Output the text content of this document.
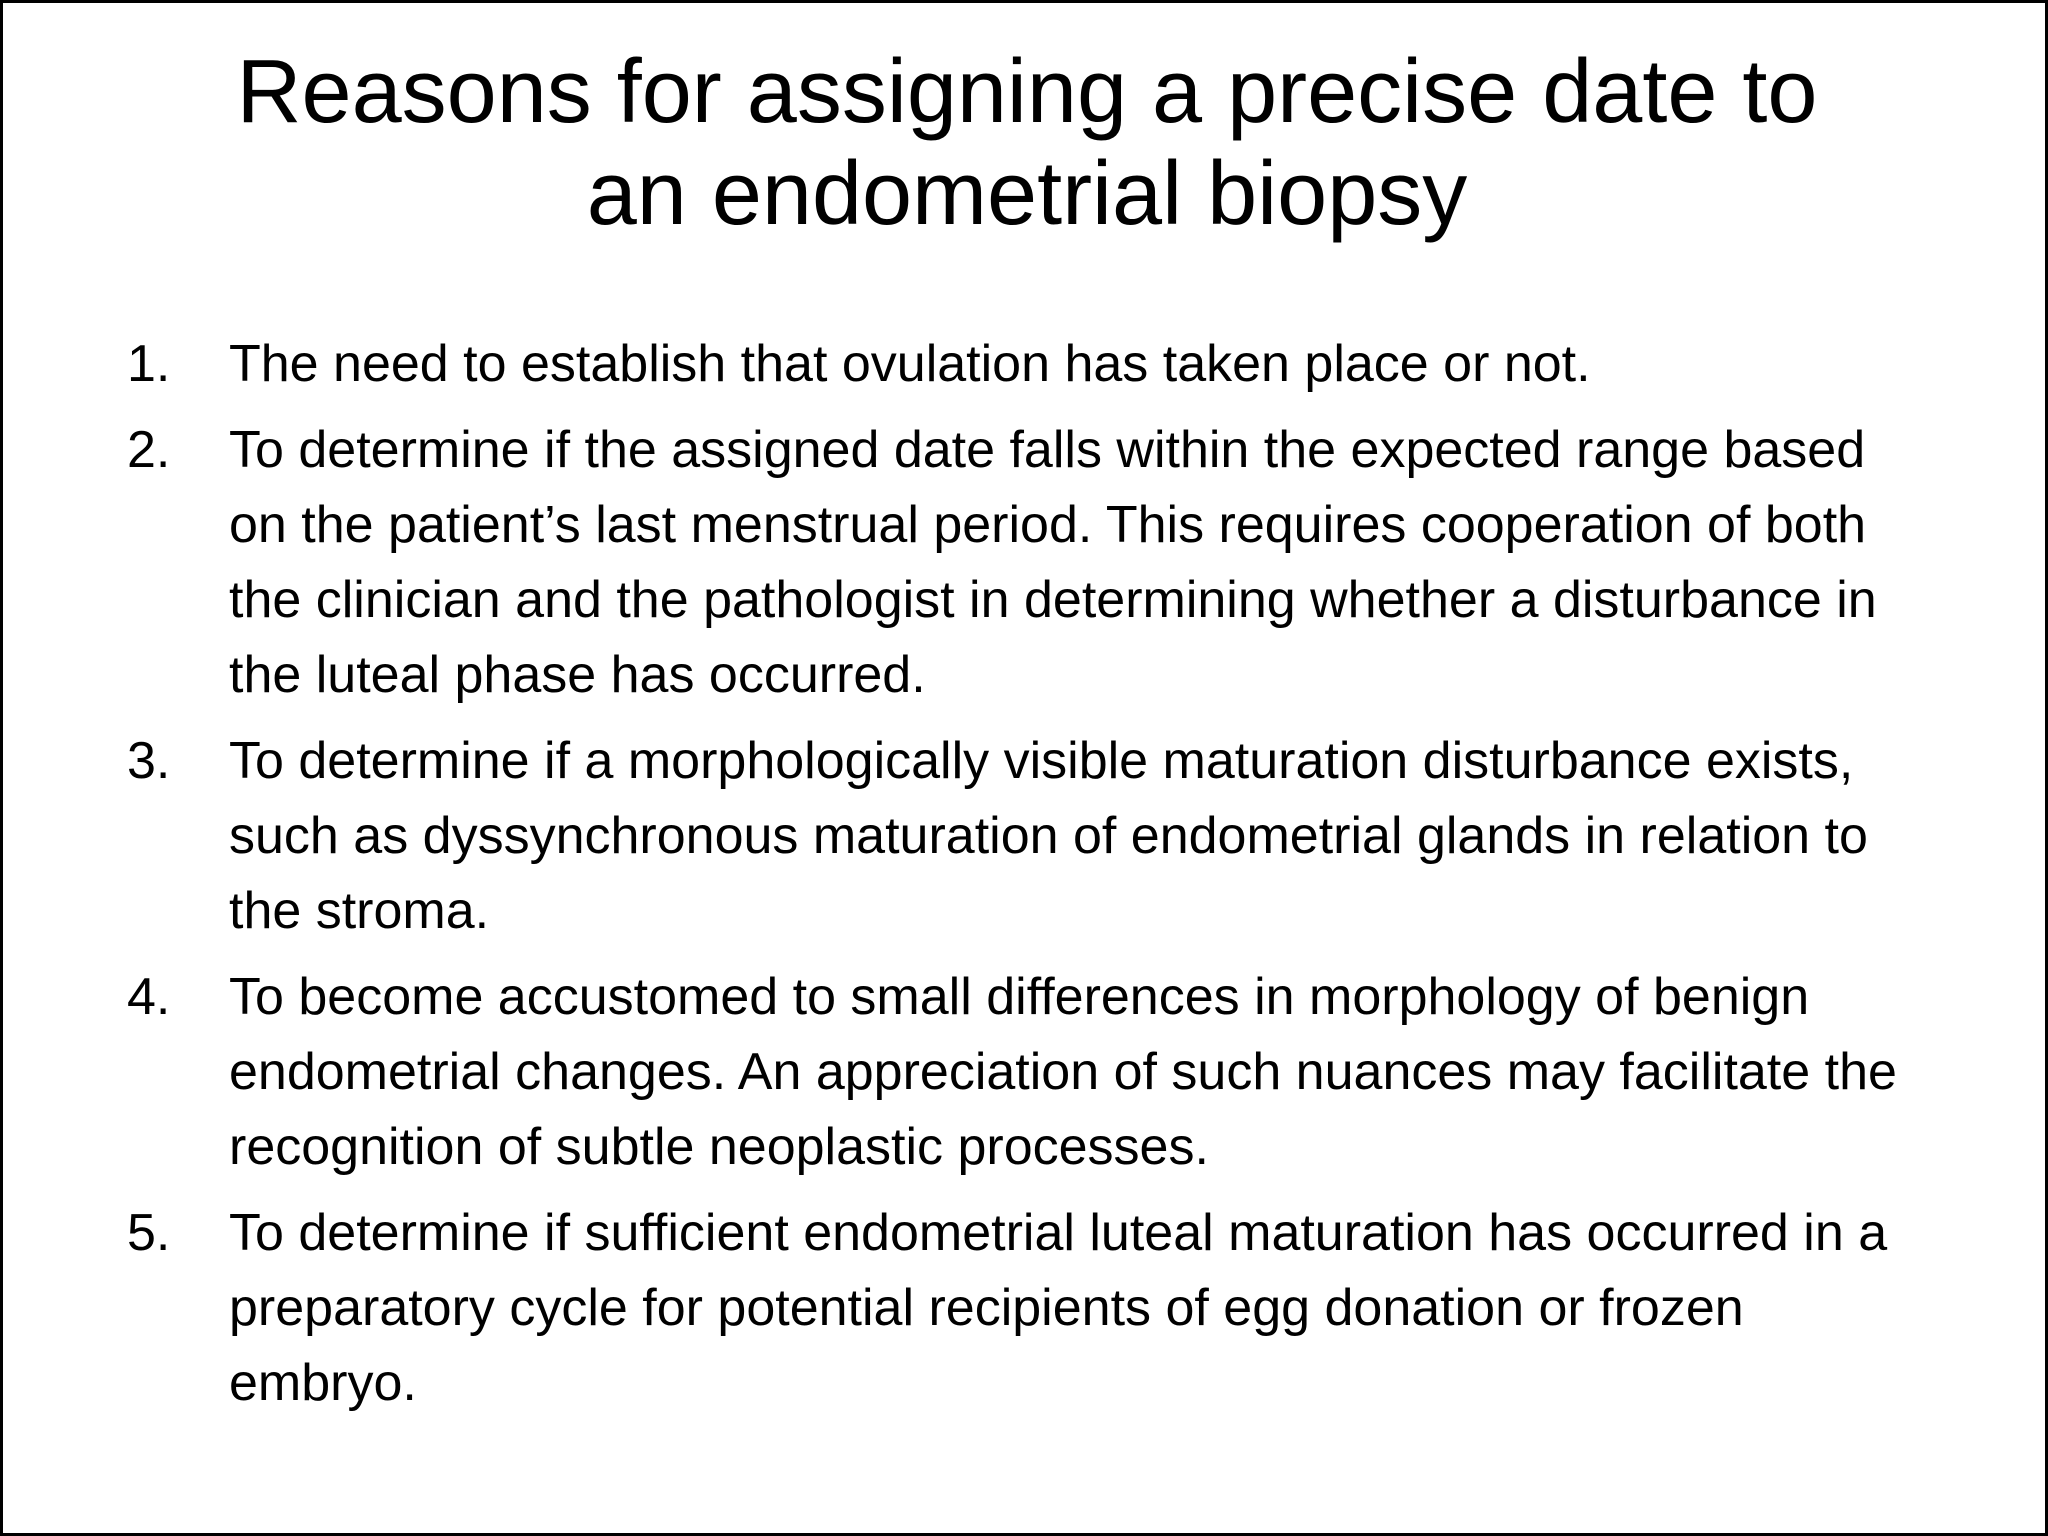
Reasons for assigning a precise date to
an endometrial biopsy
1.	The need to establish that ovulation has taken place or not.
2.	To determine if the assigned date falls within the expected range based on the patient’s last menstrual period. This requires cooperation of both the clinician and the pathologist in determining whether a disturbance in the luteal phase has occurred.
3.	To determine if a morphologically visible maturation disturbance exists, such as dyssynchronous maturation of endometrial glands in relation to the stroma.
4.	To become accustomed to small differences in morphology of benign endometrial changes. An appreciation of such nuances may facilitate the recognition of subtle neoplastic processes.
5.	To determine if sufficient endometrial luteal maturation has occurred in a preparatory cycle for potential recipients of egg donation or frozen embryo.
